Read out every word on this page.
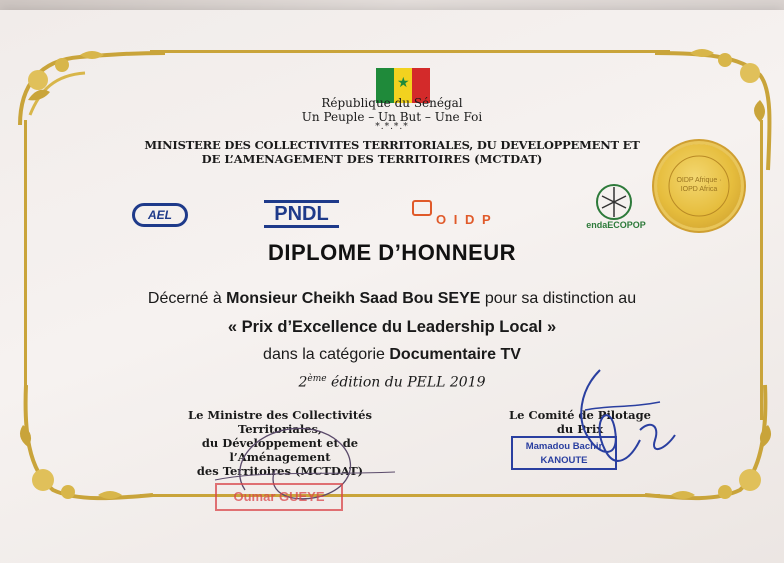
★
République du Sénégal
Un Peuple – Un But – Une Foi
*.*.*.*
MINISTERE DES COLLECTIVITES TERRITORIALES, DU DEVELOPPEMENT ET
DE L’AMENAGEMENT DES TERRITOIRES (MCTDAT)
AEL	PNDL	O I D P	endaECOPOP
OIDP Afrique · IOPD Africa
DIPLOME D’HONNEUR
Décerné à Monsieur Cheikh Saad Bou SEYE pour sa distinction au
« Prix d’Excellence du Leadership Local »
dans la catégorie Documentaire TV
2ème édition du PELL 2019
Le Ministre des Collectivités Territoriales,
du Développement et de l’Aménagement
des Territoires (MCTDAT)
Oumar GUEYE
Le Comité de Pilotage
du Prix
Mamadou Bachir KANOUTE
